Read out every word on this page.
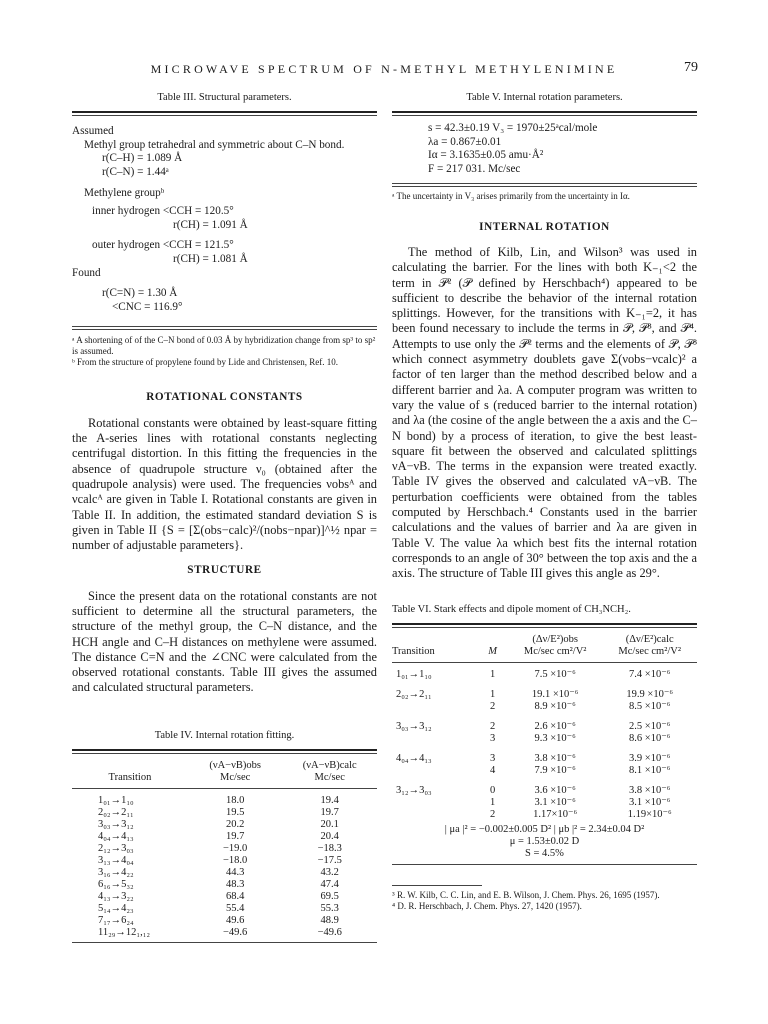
MICROWAVE SPECTRUM OF N-METHYL METHYLENIMINE	79
Table III. Structural parameters.
Assumed
Methyl group tetrahedral and symmetric about C–N bond.
r(C–H) = 1.089 Å
r(C–N) = 1.44ᵃ
Methylene groupᵇ
inner hydrogen <CCH = 120.5°
r(CH) = 1.091 Å
outer hydrogen <CCH = 121.5°
r(CH) = 1.081 Å
Found
r(C=N) = 1.30 Å
<CNC = 116.9°
ᵃ A shortening of of the C–N bond of 0.03 Å by hybridization change from sp³ to sp² is assumed.
ᵇ From the structure of propylene found by Lide and Christensen, Ref. 10.
ROTATIONAL CONSTANTS

Rotational constants were obtained by least-square fitting the A-series lines with rotational constants neglecting centrifugal distortion. In this fitting the frequencies in the absence of quadrupole structure ν₀ (obtained after the quadrupole analysis) were used. The frequencies νobsᴬ and νcalcᴬ are given in Table I. Rotational constants are given in Table II. In addition, the estimated standard deviation S is given in Table II {S = [Σ(obs−calc)²/(nobs−npar)]^½ npar = number of adjustable parameters}.

STRUCTURE

Since the present data on the rotational constants are not sufficient to determine all the structural parameters, the structure of the methyl group, the C–N distance, and the HCH angle and C–H distances on methylene were assumed. The distance C=N and the ∠CNC were calculated from the observed rotational constants. Table III gives the assumed and calculated structural parameters.

Table IV. Internal rotation fitting.
	(νA−νB)obs	(νA−νB)calc
Transition	Mc/sec	Mc/sec
1₀₁→1₁₀	18.0	19.4
2₀₂→2₁₁	19.5	19.7
3₀₃→3₁₂	20.2	20.1
4₀₄→4₁₃	19.7	20.4
2₁₂→3₀₃	−19.0	−18.3
3₁₃→4₀₄	−18.0	−17.5
3₁₆→4₂₂	44.3	43.2
6₁₆→5₃₂	48.3	47.4
4₁₃→3₂₂	68.4	69.5
5₁₄→4₂₃	55.4	55.3
7₁₇→6₂₄	49.6	48.9
11₂₉→12₁,₁₂	−49.6	−49.6
Table V. Internal rotation parameters.
s = 42.3±0.19 V₃ = 1970±25ᵃcal/mole
λa = 0.867±0.01
Iα = 3.1635±0.05 amu·Å²
F = 217 031. Mc/sec
ᵃ The uncertainty in V₃ arises primarily from the uncertainty in Iα.
INTERNAL ROTATION

The method of Kilb, Lin, and Wilson³ was used in calculating the barrier. For the lines with both K₋₁<2 the term in 𝒫² (𝒫 defined by Herschbach⁴) appeared to be sufficient to describe the behavior of the internal rotation splittings. However, for the transitions with K₋₁=2, it has been found necessary to include the terms in 𝒫, 𝒫³, and 𝒫⁴. Attempts to use only the 𝒫² terms and the elements of 𝒫, 𝒫³ which connect asymmetry doublets gave Σ(νobs−νcalc)² a factor of ten larger than the method described below and a different barrier and λa. A computer program was written to vary the value of s (reduced barrier to the internal rotation) and λa (the cosine of the angle between the a axis and the C–N bond) by a process of iteration, to give the best least-square fit between the observed and calculated splittings νA−νB. The terms in the expansion were treated exactly. Table IV gives the observed and calculated νA−νB. The perturbation coefficients were obtained from the tables computed by Herschbach.⁴ Constants used in the barrier calculations and the values of barrier and λa are given in Table V. The value λa which best fits the internal rotation corresponds to an angle of 30° between the top axis and the a axis. The structure of Table III gives this angle as 29°.

Table VI. Stark effects and dipole moment of CH₃NCH₂.
		(Δν/E²)obs	(Δν/E²)calc
Transition	M	Mc/sec cm²/V²	Mc/sec cm²/V²
1₀₁→1₁₀	1	7.5 ×10⁻⁶	7.4 ×10⁻⁶
2₀₂→2₁₁	1	19.1 ×10⁻⁶	19.9 ×10⁻⁶
	2	8.9 ×10⁻⁶	8.5 ×10⁻⁶
3₀₃→3₁₂	2	2.6 ×10⁻⁶	2.5 ×10⁻⁶
	3	9.3 ×10⁻⁶	8.6 ×10⁻⁶
4₀₄→4₁₃	3	3.8 ×10⁻⁶	3.9 ×10⁻⁶
	4	7.9 ×10⁻⁶	8.1 ×10⁻⁶
3₁₂→3₀₃	0	3.6 ×10⁻⁶	3.8 ×10⁻⁶
	1	3.1 ×10⁻⁶	3.1 ×10⁻⁶
	2	1.17×10⁻⁶	1.19×10⁻⁶
| μa |² = −0.002±0.005 D² | μb |² = 2.34±0.04 D²
μ = 1.53±0.02 D
S = 4.5%
³ R. W. Kilb, C. C. Lin, and E. B. Wilson, J. Chem. Phys. 26, 1695 (1957).
⁴ D. R. Herschbach, J. Chem. Phys. 27, 1420 (1957).
